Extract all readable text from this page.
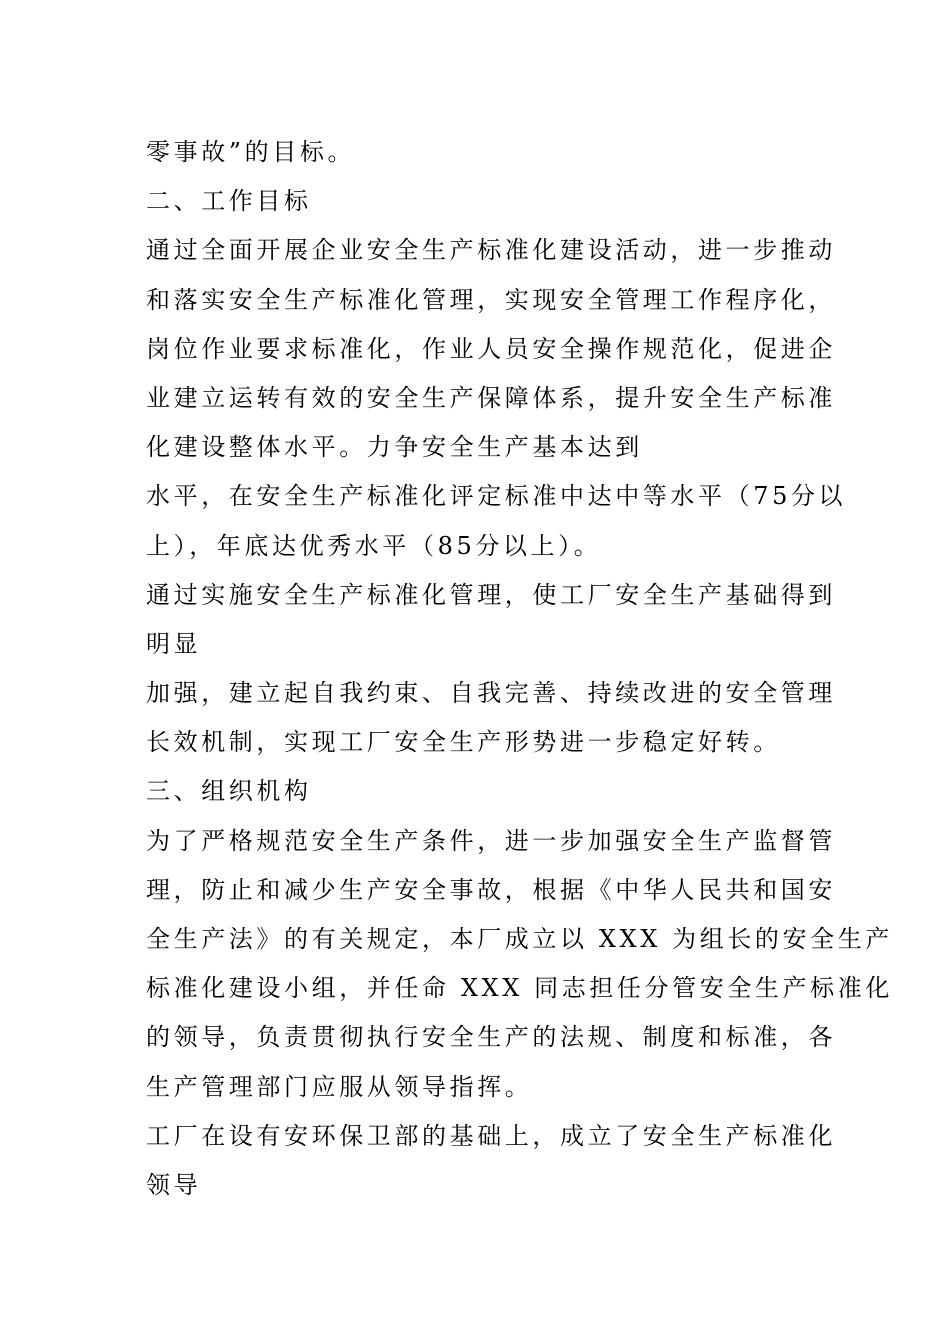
零事故”的目标。
二、工作目标
通过全面开展企业安全生产标准化建设活动，进一步推动
和落实安全生产标准化管理，实现安全管理工作程序化，
岗位作业要求标准化，作业人员安全操作规范化，促进企
业建立运转有效的安全生产保障体系，提升安全生产标准
化建设整体水平。力争安全生产基本达到
水平，在安全生产标准化评定标准中达中等水平（75分以
上），年底达优秀水平（85分以上）。
通过实施安全生产标准化管理，使工厂安全生产基础得到
明显
加强，建立起自我约束、自我完善、持续改进的安全管理
长效机制，实现工厂安全生产形势进一步稳定好转。
三、组织机构
为了严格规范安全生产条件，进一步加强安全生产监督管
理，防止和减少生产安全事故，根据《中华人民共和国安
全生产法》的有关规定，本厂成立以 XXX 为组长的安全生产
标准化建设小组，并任命 XXX 同志担任分管安全生产标准化
的领导，负责贯彻执行安全生产的法规、制度和标准，各
生产管理部门应服从领导指挥。
工厂在设有安环保卫部的基础上，成立了安全生产标准化
领导
